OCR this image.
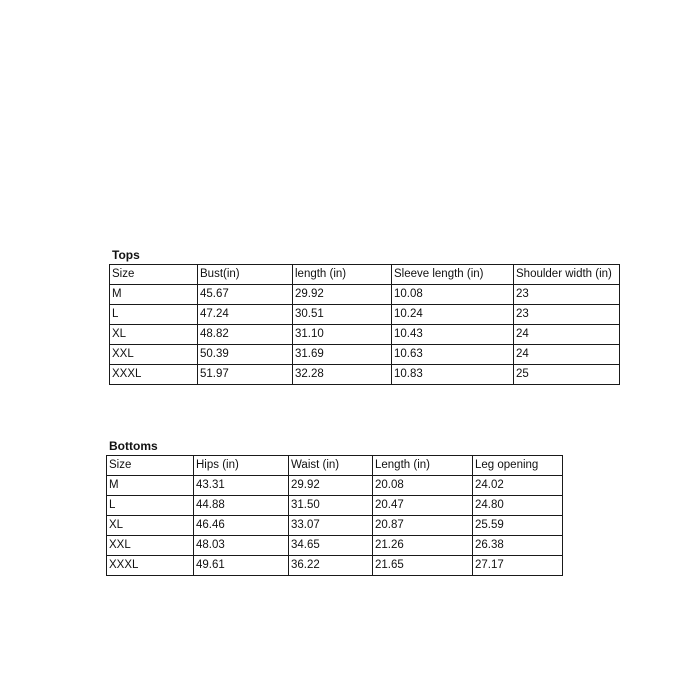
Tops
Size	Bust(in)	length (in)	Sleeve length (in)	Shoulder width (in)
M	45.67	29.92	10.08	23
L	47.24	30.51	10.24	23
XL	48.82	31.10	10.43	24
XXL	50.39	31.69	10.63	24
XXXL	51.97	32.28	10.83	25
Bottoms
Size	Hips (in)	Waist (in)	Length (in)	Leg opening
M	43.31	29.92	20.08	24.02
L	44.88	31.50	20.47	24.80
XL	46.46	33.07	20.87	25.59
XXL	48.03	34.65	21.26	26.38
XXXL	49.61	36.22	21.65	27.17
